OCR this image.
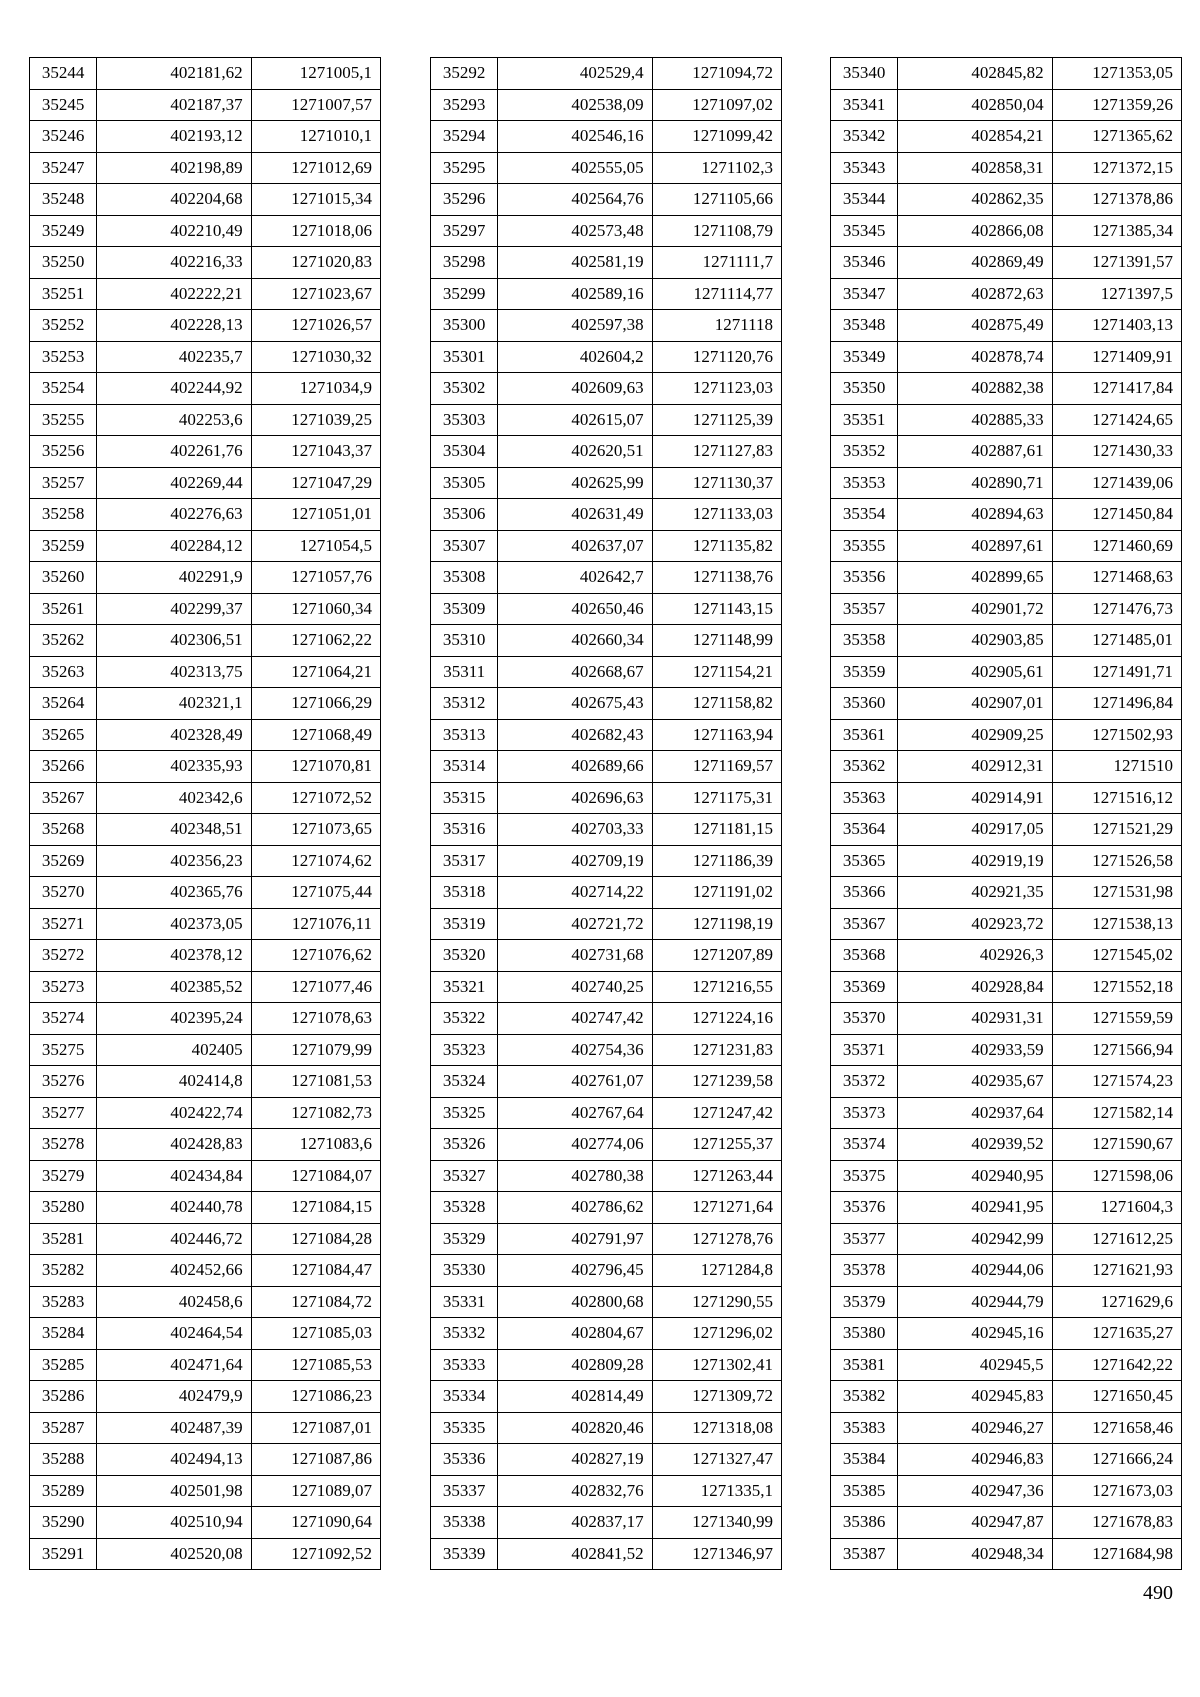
35244	402181,62	1271005,1
35245	402187,37	1271007,57
35246	402193,12	1271010,1
35247	402198,89	1271012,69
35248	402204,68	1271015,34
35249	402210,49	1271018,06
35250	402216,33	1271020,83
35251	402222,21	1271023,67
35252	402228,13	1271026,57
35253	402235,7	1271030,32
35254	402244,92	1271034,9
35255	402253,6	1271039,25
35256	402261,76	1271043,37
35257	402269,44	1271047,29
35258	402276,63	1271051,01
35259	402284,12	1271054,5
35260	402291,9	1271057,76
35261	402299,37	1271060,34
35262	402306,51	1271062,22
35263	402313,75	1271064,21
35264	402321,1	1271066,29
35265	402328,49	1271068,49
35266	402335,93	1271070,81
35267	402342,6	1271072,52
35268	402348,51	1271073,65
35269	402356,23	1271074,62
35270	402365,76	1271075,44
35271	402373,05	1271076,11
35272	402378,12	1271076,62
35273	402385,52	1271077,46
35274	402395,24	1271078,63
35275	402405	1271079,99
35276	402414,8	1271081,53
35277	402422,74	1271082,73
35278	402428,83	1271083,6
35279	402434,84	1271084,07
35280	402440,78	1271084,15
35281	402446,72	1271084,28
35282	402452,66	1271084,47
35283	402458,6	1271084,72
35284	402464,54	1271085,03
35285	402471,64	1271085,53
35286	402479,9	1271086,23
35287	402487,39	1271087,01
35288	402494,13	1271087,86
35289	402501,98	1271089,07
35290	402510,94	1271090,64
35291	402520,08	1271092,52
35292	402529,4	1271094,72
35293	402538,09	1271097,02
35294	402546,16	1271099,42
35295	402555,05	1271102,3
35296	402564,76	1271105,66
35297	402573,48	1271108,79
35298	402581,19	1271111,7
35299	402589,16	1271114,77
35300	402597,38	1271118
35301	402604,2	1271120,76
35302	402609,63	1271123,03
35303	402615,07	1271125,39
35304	402620,51	1271127,83
35305	402625,99	1271130,37
35306	402631,49	1271133,03
35307	402637,07	1271135,82
35308	402642,7	1271138,76
35309	402650,46	1271143,15
35310	402660,34	1271148,99
35311	402668,67	1271154,21
35312	402675,43	1271158,82
35313	402682,43	1271163,94
35314	402689,66	1271169,57
35315	402696,63	1271175,31
35316	402703,33	1271181,15
35317	402709,19	1271186,39
35318	402714,22	1271191,02
35319	402721,72	1271198,19
35320	402731,68	1271207,89
35321	402740,25	1271216,55
35322	402747,42	1271224,16
35323	402754,36	1271231,83
35324	402761,07	1271239,58
35325	402767,64	1271247,42
35326	402774,06	1271255,37
35327	402780,38	1271263,44
35328	402786,62	1271271,64
35329	402791,97	1271278,76
35330	402796,45	1271284,8
35331	402800,68	1271290,55
35332	402804,67	1271296,02
35333	402809,28	1271302,41
35334	402814,49	1271309,72
35335	402820,46	1271318,08
35336	402827,19	1271327,47
35337	402832,76	1271335,1
35338	402837,17	1271340,99
35339	402841,52	1271346,97
35340	402845,82	1271353,05
35341	402850,04	1271359,26
35342	402854,21	1271365,62
35343	402858,31	1271372,15
35344	402862,35	1271378,86
35345	402866,08	1271385,34
35346	402869,49	1271391,57
35347	402872,63	1271397,5
35348	402875,49	1271403,13
35349	402878,74	1271409,91
35350	402882,38	1271417,84
35351	402885,33	1271424,65
35352	402887,61	1271430,33
35353	402890,71	1271439,06
35354	402894,63	1271450,84
35355	402897,61	1271460,69
35356	402899,65	1271468,63
35357	402901,72	1271476,73
35358	402903,85	1271485,01
35359	402905,61	1271491,71
35360	402907,01	1271496,84
35361	402909,25	1271502,93
35362	402912,31	1271510
35363	402914,91	1271516,12
35364	402917,05	1271521,29
35365	402919,19	1271526,58
35366	402921,35	1271531,98
35367	402923,72	1271538,13
35368	402926,3	1271545,02
35369	402928,84	1271552,18
35370	402931,31	1271559,59
35371	402933,59	1271566,94
35372	402935,67	1271574,23
35373	402937,64	1271582,14
35374	402939,52	1271590,67
35375	402940,95	1271598,06
35376	402941,95	1271604,3
35377	402942,99	1271612,25
35378	402944,06	1271621,93
35379	402944,79	1271629,6
35380	402945,16	1271635,27
35381	402945,5	1271642,22
35382	402945,83	1271650,45
35383	402946,27	1271658,46
35384	402946,83	1271666,24
35385	402947,36	1271673,03
35386	402947,87	1271678,83
35387	402948,34	1271684,98
490
